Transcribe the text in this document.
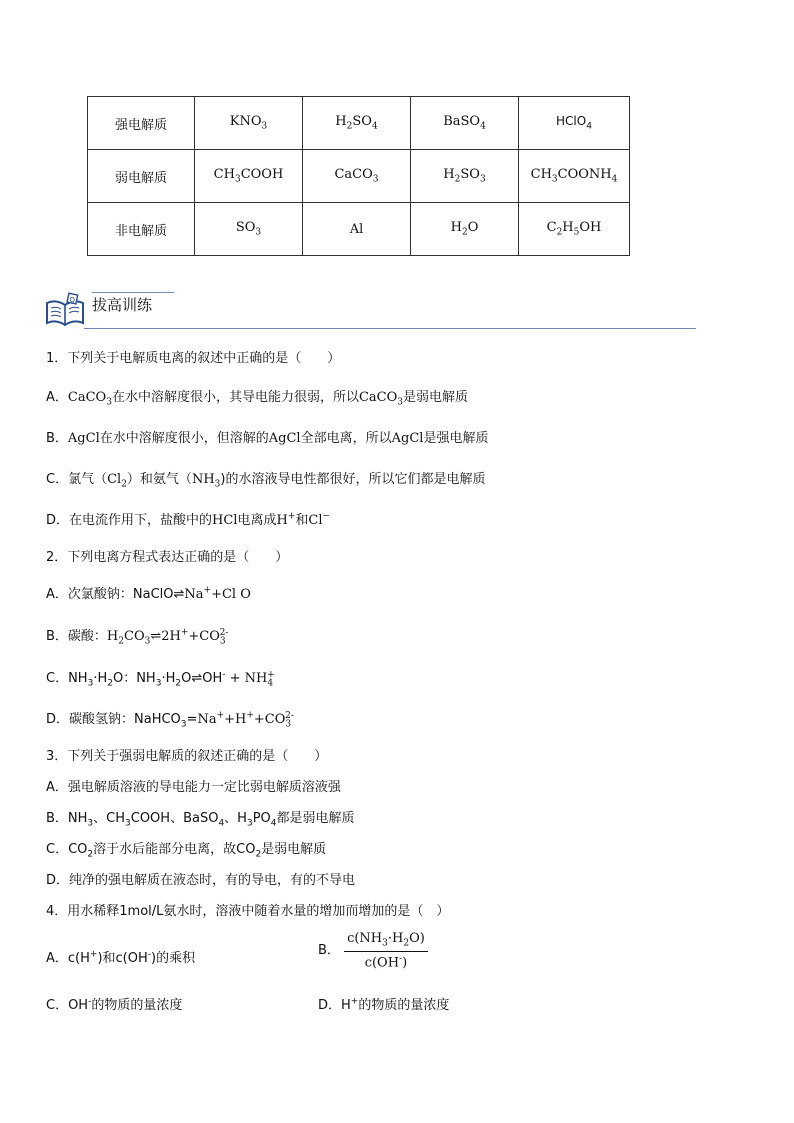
强电解质	$KNO_3$	$H_2SO_4$	BaSO$_4$	HClO$_4$
弱电解质	$CH_3COOH$	CaCO$_3$	$H_2SO_3$	$CH_3COONH_4$
非电解质	$SO_3$	Al	$H_2O$	$C_2H_5OH$
Q 拔高训练
1．下列关于电解质电离的叙述中正确的是（　　）
A．CaCO$_3$在水中溶解度很小，其导电能力很弱，所以CaCO$_3$是弱电解质
B．AgCl在水中溶解度很小，但溶解的AgCl全部电离，所以AgCl是强电解质
C．氯气$(Cl_2)$和氨气$(NH_3)$的水溶液导电性都很好，所以它们都是电解质
D．在电流作用下，盐酸中的HCl电离成H+和Cl−
2．下列电离方程式表达正确的是（　　）
A．次氯酸钠：NaClO⇌Na++Cl O
B．碳酸：$H_2CO_3\rightleftharpoons 2H^++CO_3^{2-}$
C．$NH_3\cdot H_2O$：$NH_3\cdot H_2O\rightleftharpoons OH^- + NH_4^+$
D．碳酸氢钠：$NaHCO_3=Na^++H^++CO_3^{2-}$
3．下列关于强弱电解质的叙述正确的是（　　）
A．强电解质溶液的导电能力一定比弱电解质溶液强
B．$NH_3$、$CH_3COOH$、BaSO$_4$、$H_3PO_4$都是弱电解质
C．$CO_2$溶于水后能部分电离，故$CO_2$是弱电解质
D．纯净的强电解质在液态时，有的导电，有的不导电
4．用水稀释1mol/L氨水时，溶液中随着水量的增加而增加的是（　）
A．c(H+)和c(OH-)的乘积
B． $\frac{c(NH_3\cdot H_2O)}{c(OH^-)}$
C．OH-的物质的量浓度	D．H+的物质的量浓度
